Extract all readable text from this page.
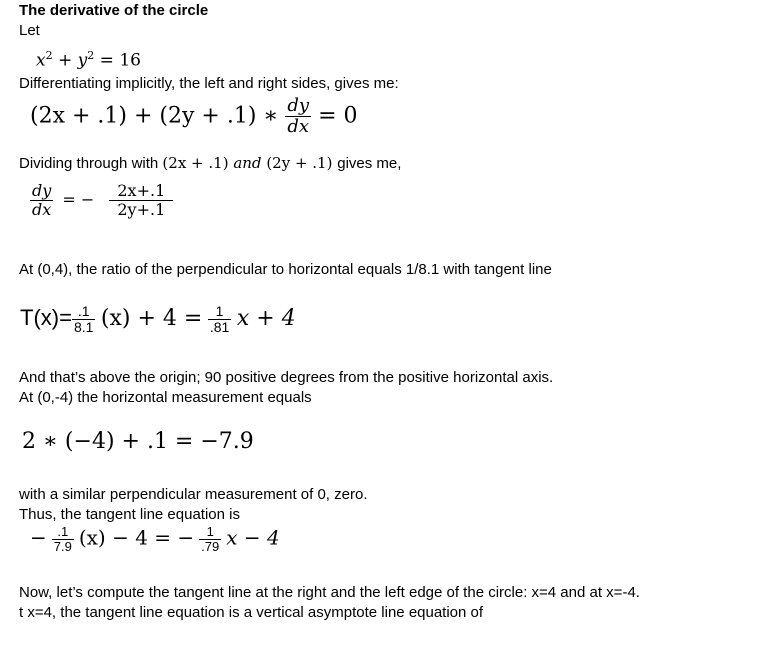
The derivative of the circle
Let
$x^2 + y^2 = 16$
Differentiating implicitly, the left and right sides, gives me:
(2x + .1) + (2y + .1) ∗ $\frac{dy}{dx} = 0$
Dividing through with (2x + .1) and (2y + .1) gives me,
$\frac{dy}{dx}$ = − $\frac{2x+.1}{2y+.1}$
At (0,4), the ratio of the perpendicular to horizontal equals 1/8.1 with tangent line
$T(x)= \frac{.1}{8.1} (x) + 4 = \frac{1}{.81}$ x + 4
And that’s above the origin; 90 positive degrees from the positive horizontal axis.
At (0,-4) the horizontal measurement equals
2 ∗ (−4) + .1 = −7.9
with a similar perpendicular measurement of 0, zero.
Thus, the tangent line equation is
− $\frac{.1}{7.9} (x) - 4$ = − $\frac{1}{.79}$ x − 4
Now, let’s compute the tangent line at the right and the left edge of the circle: x=4 and at x=-4.
t x=4, the tangent line equation is a vertical asymptote line equation of
